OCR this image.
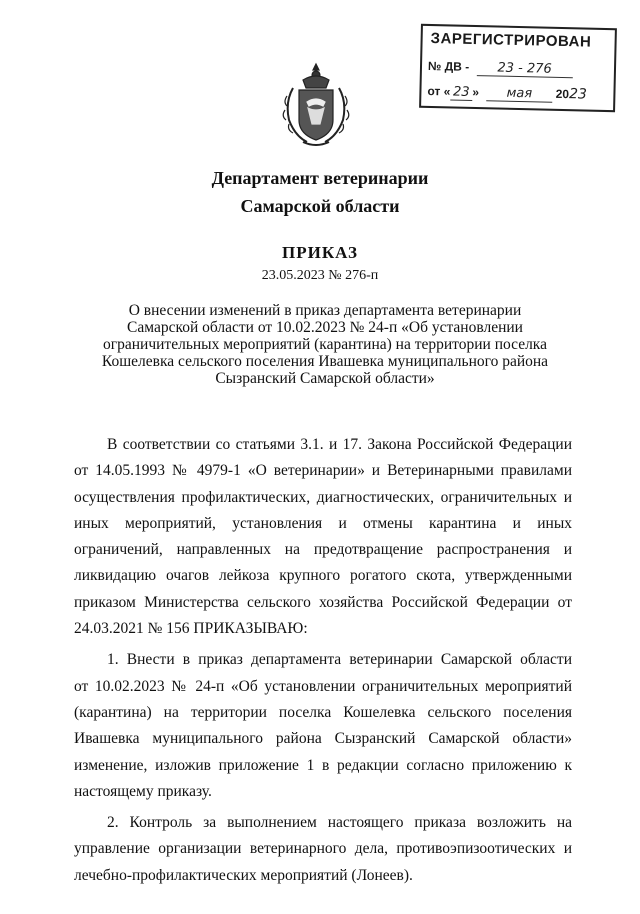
ЗАРЕГИСТРИРОВАН
№ ДВ - 23 - 276
от « 23 » мая 2023
Департамент ветеринарии
Самарской области
ПРИКАЗ
23.05.2023 № 276-п
О внесении изменений в приказ департамента ветеринарии
Самарской области от 10.02.2023 № 24-п «Об установлении
ограничительных мероприятий (карантина) на территории поселка
Кошелевка сельского поселения Ивашевка муниципального района
Сызранский Самарской области»
В соответствии со статьями 3.1. и 17. Закона Российской Федерации
от 14.05.1993 № 4979-1 «О ветеринарии» и Ветеринарными правилами
осуществления профилактических, диагностических, ограничительных и
иных мероприятий, установления и отмены карантина и иных
ограничений, направленных на предотвращение распространения и
ликвидацию очагов лейкоза крупного рогатого скота, утвержденными
приказом Министерства сельского хозяйства Российской Федерации от
24.03.2021 № 156 ПРИКАЗЫВАЮ:
1. Внести в приказ департамента ветеринарии Самарской области
от 10.02.2023 № 24-п «Об установлении ограничительных мероприятий
(карантина) на территории поселка Кошелевка сельского поселения
Ивашевка муниципального района Сызранский Самарской области»
изменение, изложив приложение 1 в редакции согласно приложению к
настоящему приказу.
2. Контроль за выполнением настоящего приказа возложить на
управление организации ветеринарного дела, противоэпизоотических и
лечебно-профилактических мероприятий (Лонеев).
